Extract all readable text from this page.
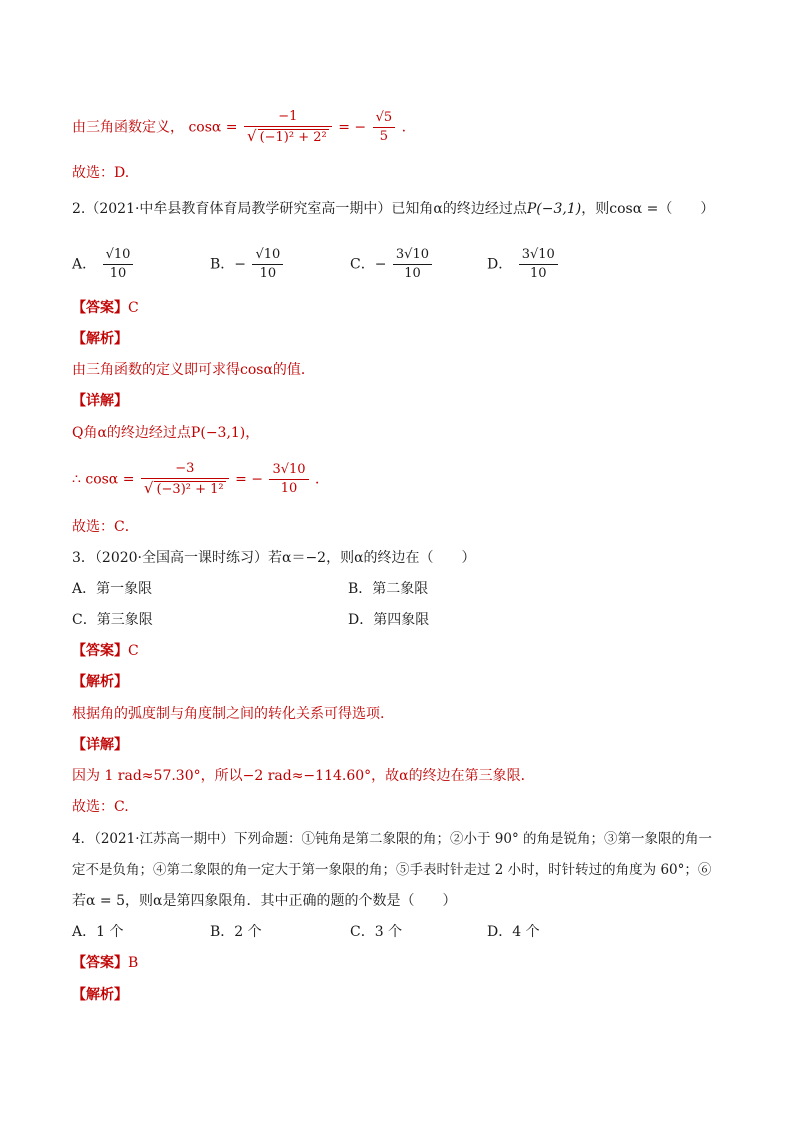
由三角函数定义， $\cos\alpha = \frac{-1}{\text{√ (−1)² + 2²}}$ = − $\frac{√5}{5}$ .
故选：D.
2.（2021·中牟县教育体育局教学研究室高一期中）已知角α的终边经过点P(−3,1)，则cosα =（　　）
A． $\frac{√10}{10}$	B．− $\frac{√10}{10}$	C．− $\frac{3√10}{10}$	D． $\frac{3√10}{10}$
【答案】C
【解析】
由三角函数的定义即可求得cosα的值．
【详解】
Q角α的终边经过点P(−3,1)，
∴ $\cos\alpha = \frac{-3}{\text{√ (−3)² + 1²}}$ = − $\frac{3√10}{10}$ ．
故选：C．
3．（2020·全国高一课时练习）若α＝−2，则α的终边在（　　）
A．第一象限	B．第二象限
C．第三象限	D．第四象限
【答案】C
【解析】
根据角的弧度制与角度制之间的转化关系可得选项.
【详解】
因为 1 rad≈57.30°，所以−2 rad≈−114.60°，故α的终边在第三象限．
故选：C.
4．（2021·江苏高一期中）下列命题：①钝角是第二象限的角；②小于 90° 的角是锐角；③第一象限的角一
定不是负角；④第二象限的角一定大于第一象限的角；⑤手表时针走过 2 小时，时针转过的角度为 60°；⑥
若α = 5，则α是第四象限角．其中正确的题的个数是（　　）
A．1 个	B．2 个	C．3 个	D．4 个
【答案】B
【解析】
